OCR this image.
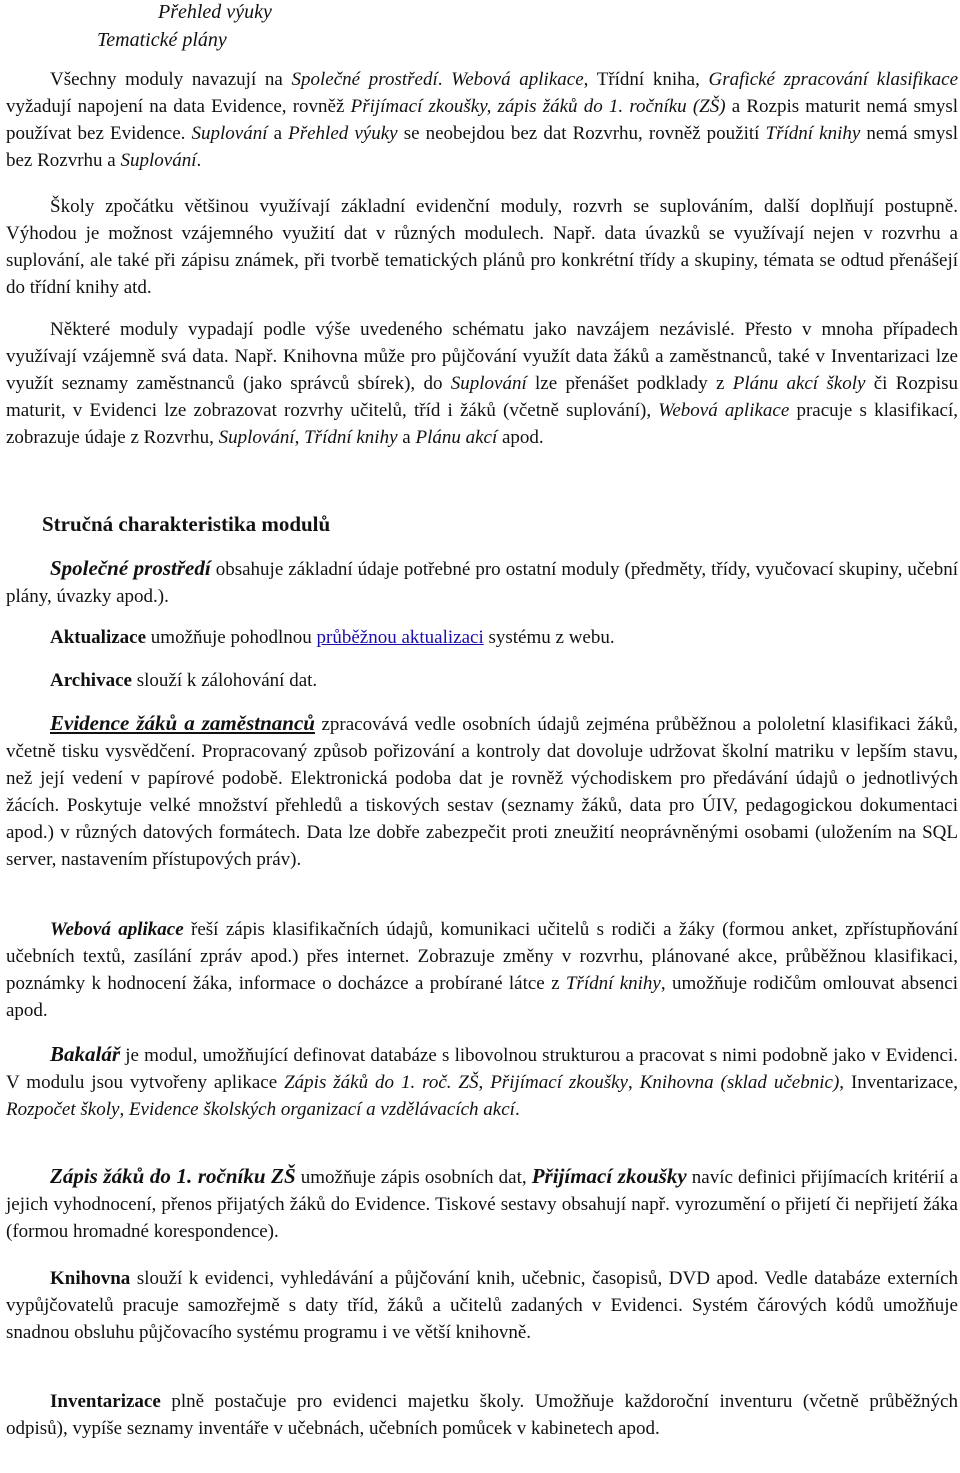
Přehled výuky
Tematické plány

Všechny moduly navazují na Společné prostředí. Webová aplikace, Třídní kniha, Grafické zpracování klasifikace vyžadují napojení na data Evidence, rovněž Přijímací zkoušky, zápis žáků do 1. ročníku (ZŠ) a Rozpis maturit nemá smysl používat bez Evidence. Suplování a Přehled výuky se neobejdou bez dat Rozvrhu, rovněž použití Třídní knihy nemá smysl bez Rozvrhu a Suplování.

Školy zpočátku většinou využívají základní evidenční moduly, rozvrh se suplováním, další doplňují postupně. Výhodou je možnost vzájemného využití dat v různých modulech. Např. data úvazků se využívají nejen v rozvrhu a suplování, ale také při zápisu známek, při tvorbě tematických plánů pro konkrétní třídy a skupiny, témata se odtud přenášejí do třídní knihy atd.

Některé moduly vypadají podle výše uvedeného schématu jako navzájem nezávislé. Přesto v mnoha případech využívají vzájemně svá data. Např. Knihovna může pro půjčování využít data žáků a zaměstnanců, také v Inventarizaci lze využít seznamy zaměstnanců (jako správců sbírek), do Suplování lze přenášet podklady z Plánu akcí školy či Rozpisu maturit, v Evidenci lze zobrazovat rozvrhy učitelů, tříd i žáků (včetně suplování), Webová aplikace pracuje s klasifikací, zobrazuje údaje z Rozvrhu, Suplování, Třídní knihy a Plánu akcí apod.

Stručná charakteristika modulů

Společné prostředí obsahuje základní údaje potřebné pro ostatní moduly (předměty, třídy, vyučovací skupiny, učební plány, úvazky apod.).

Aktualizace umožňuje pohodlnou průběžnou aktualizaci systému z webu.

Archivace slouží k zálohování dat.

Evidence žáků a zaměstnanců zpracovává vedle osobních údajů zejména průběžnou a pololetní klasifikaci žáků, včetně tisku vysvědčení. Propracovaný způsob pořizování a kontroly dat dovoluje udržovat školní matriku v lepším stavu, než její vedení v papírové podobě. Elektronická podoba dat je rovněž východiskem pro předávání údajů o jednotlivých žácích. Poskytuje velké množství přehledů a tiskových sestav (seznamy žáků, data pro ÚIV, pedagogickou dokumentaci apod.) v různých datových formátech. Data lze dobře zabezpečit proti zneužití neoprávněnými osobami (uložením na SQL server, nastavením přístupových práv).

Webová aplikace řeší zápis klasifikačních údajů, komunikaci učitelů s rodiči a žáky (formou anket, zpřístupňování učebních textů, zasílání zpráv apod.) přes internet. Zobrazuje změny v rozvrhu, plánované akce, průběžnou klasifikaci, poznámky k hodnocení žáka, informace o docházce a probírané látce z Třídní knihy, umožňuje rodičům omlouvat absenci apod.

Bakalář je modul, umožňující definovat databáze s libovolnou strukturou a pracovat s nimi podobně jako v Evidenci. V modulu jsou vytvořeny aplikace Zápis žáků do 1. roč. ZŠ, Přijímací zkoušky, Knihovna (sklad učebnic), Inventarizace, Rozpočet školy, Evidence školských organizací a vzdělávacích akcí.

Zápis žáků do 1. ročníku ZŠ umožňuje zápis osobních dat, Přijímací zkoušky navíc definici přijímacích kritérií a jejich vyhodnocení, přenos přijatých žáků do Evidence. Tiskové sestavy obsahují např. vyrozumění o přijetí či nepřijetí žáka (formou hromadné korespondence).

Knihovna slouží k evidenci, vyhledávání a půjčování knih, učebnic, časopisů, DVD apod. Vedle databáze externích vypůjčovatelů pracuje samozřejmě s daty tříd, žáků a učitelů zadaných v Evidenci. Systém čárových kódů umožňuje snadnou obsluhu půjčovacího systému programu i ve větší knihovně.

Inventarizace plně postačuje pro evidenci majetku školy. Umožňuje každoroční inventuru (včetně průběžných odpisů), vypíše seznamy inventáře v učebnách, učebních pomůcek v kabinetech apod.
